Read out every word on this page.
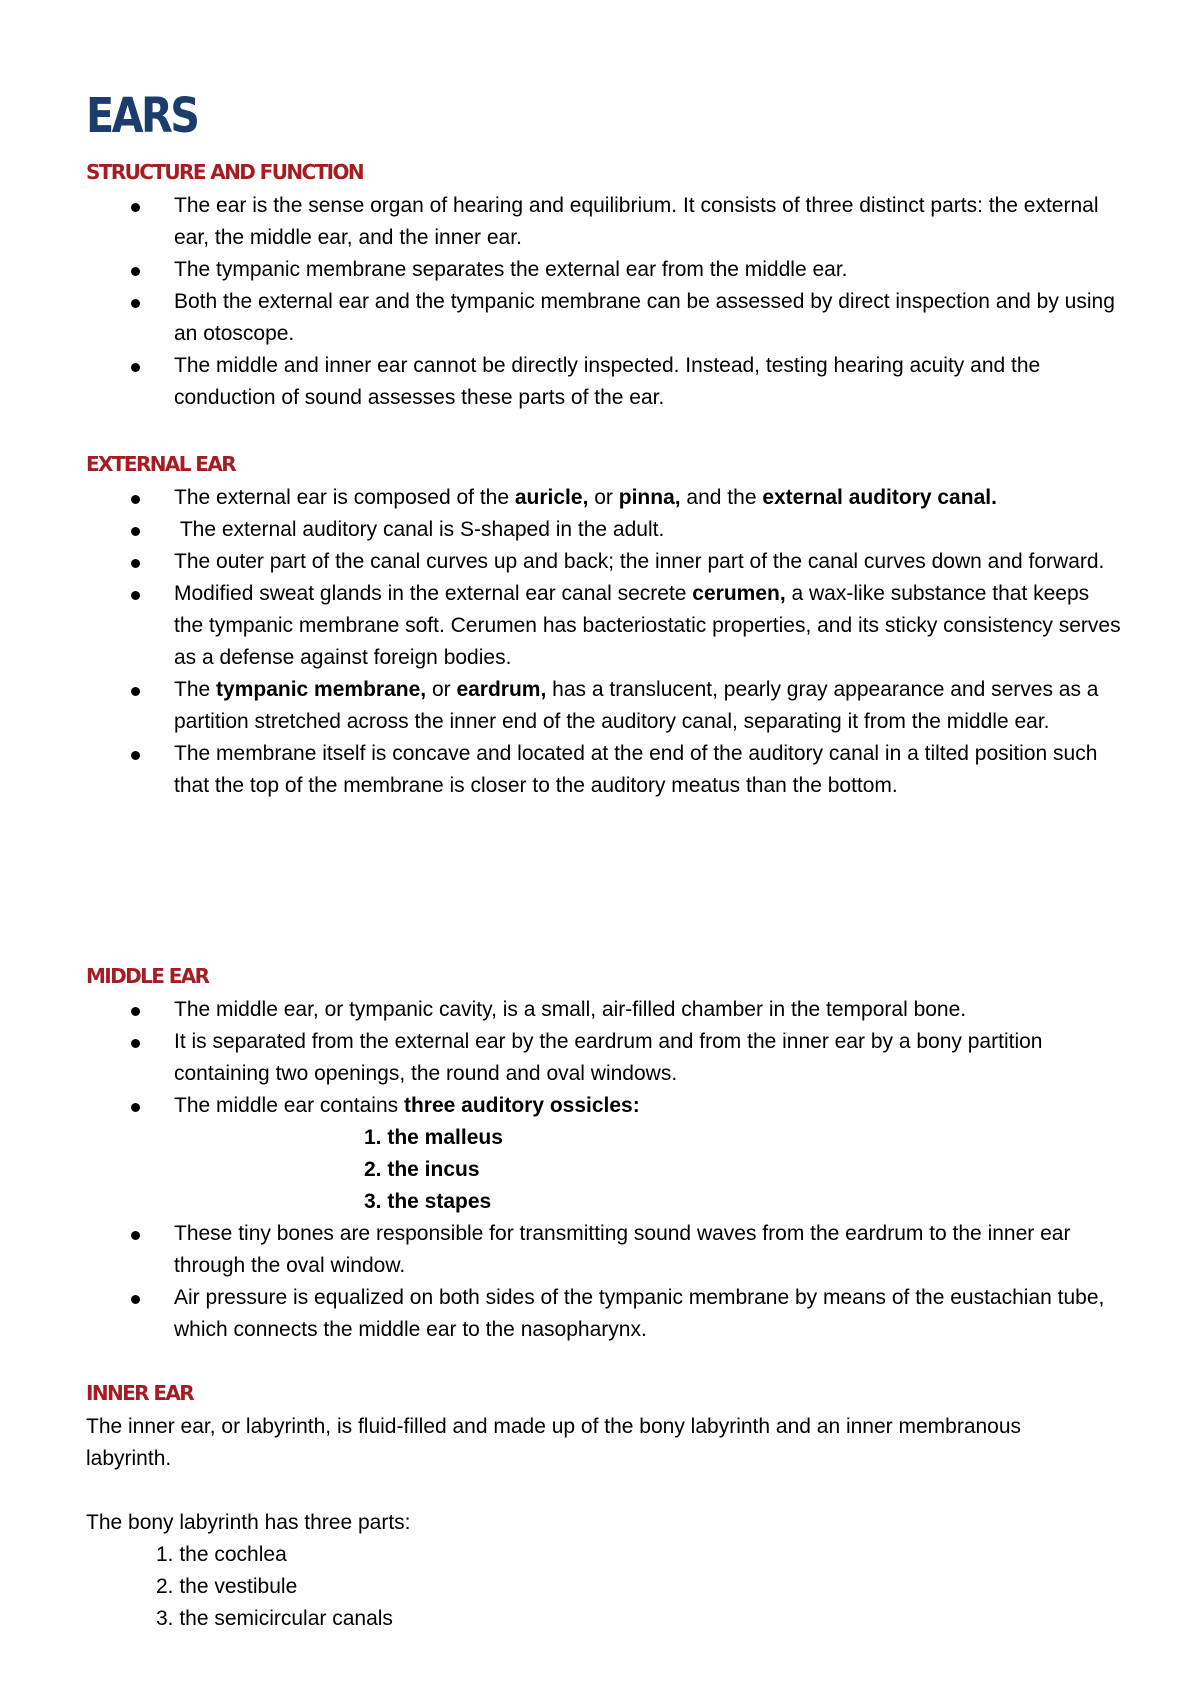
EARS
STRUCTURE AND FUNCTION
The ear is the sense organ of hearing and equilibrium. It consists of three distinct parts: the external ear, the middle ear, and the inner ear.
The tympanic membrane separates the external ear from the middle ear.
Both the external ear and the tympanic membrane can be assessed by direct inspection and by using an otoscope.
The middle and inner ear cannot be directly inspected. Instead, testing hearing acuity and the conduction of sound assesses these parts of the ear.
EXTERNAL EAR
The external ear is composed of the auricle, or pinna, and the external auditory canal.
The external auditory canal is S-shaped in the adult.
The outer part of the canal curves up and back; the inner part of the canal curves down and forward.
Modified sweat glands in the external ear canal secrete cerumen, a wax-like substance that keeps the tympanic membrane soft. Cerumen has bacteriostatic properties, and its sticky consistency serves as a defense against foreign bodies.
The tympanic membrane, or eardrum, has a translucent, pearly gray appearance and serves as a partition stretched across the inner end of the auditory canal, separating it from the middle ear.
The membrane itself is concave and located at the end of the auditory canal in a tilted position such that the top of the membrane is closer to the auditory meatus than the bottom.
MIDDLE EAR
The middle ear, or tympanic cavity, is a small, air-filled chamber in the temporal bone.
It is separated from the external ear by the eardrum and from the inner ear by a bony partition containing two openings, the round and oval windows.
The middle ear contains three auditory ossicles:
1. the malleus
2. the incus
3. the stapes
These tiny bones are responsible for transmitting sound waves from the eardrum to the inner ear through the oval window.
Air pressure is equalized on both sides of the tympanic membrane by means of the eustachian tube, which connects the middle ear to the nasopharynx.
INNER EAR

The inner ear, or labyrinth, is fluid-filled and made up of the bony labyrinth and an inner membranous labyrinth.

The bony labyrinth has three parts:

1. the cochlea
2. the vestibule
3. the semicircular canals
